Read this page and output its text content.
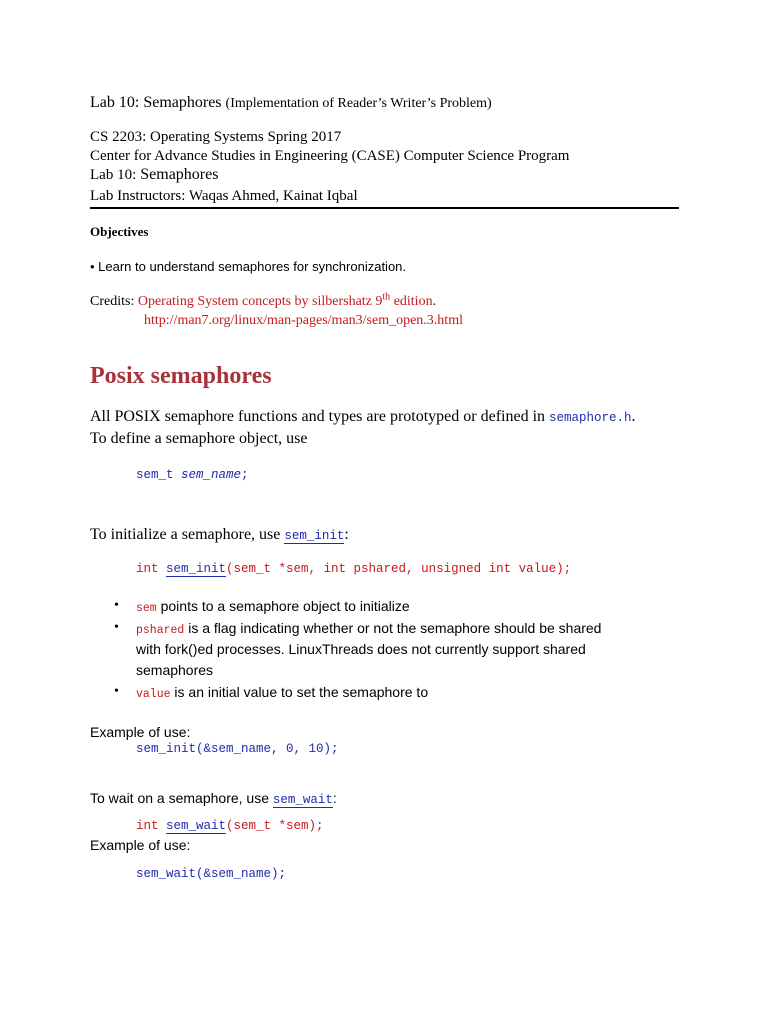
Lab 10: Semaphores (Implementation of Reader’s Writer’s Problem)
CS 2203: Operating Systems Spring 2017
Center for Advance Studies in Engineering (CASE) Computer Science Program
Lab 10: Semaphores
Lab Instructors: Waqas Ahmed, Kainat Iqbal
Objectives
• Learn to understand semaphores for synchronization.
Credits: Operating System concepts by silbershatz 9th edition.
http://man7.org/linux/man-pages/man3/sem_open.3.html
Posix semaphores
All POSIX semaphore functions and types are prototyped or defined in semaphore.h.
To define a semaphore object, use
sem_t sem_name;
To initialize a semaphore, use sem_init:
int sem_init(sem_t *sem, int pshared, unsigned int value);
• sem points to a semaphore object to initialize
• pshared is a flag indicating whether or not the semaphore should be shared
with fork()ed processes. LinuxThreads does not currently support shared
semaphores
• value is an initial value to set the semaphore to
Example of use:
sem_init(&sem_name, 0, 10);
To wait on a semaphore, use sem_wait:
int sem_wait(sem_t *sem);
Example of use:
sem_wait(&sem_name);
